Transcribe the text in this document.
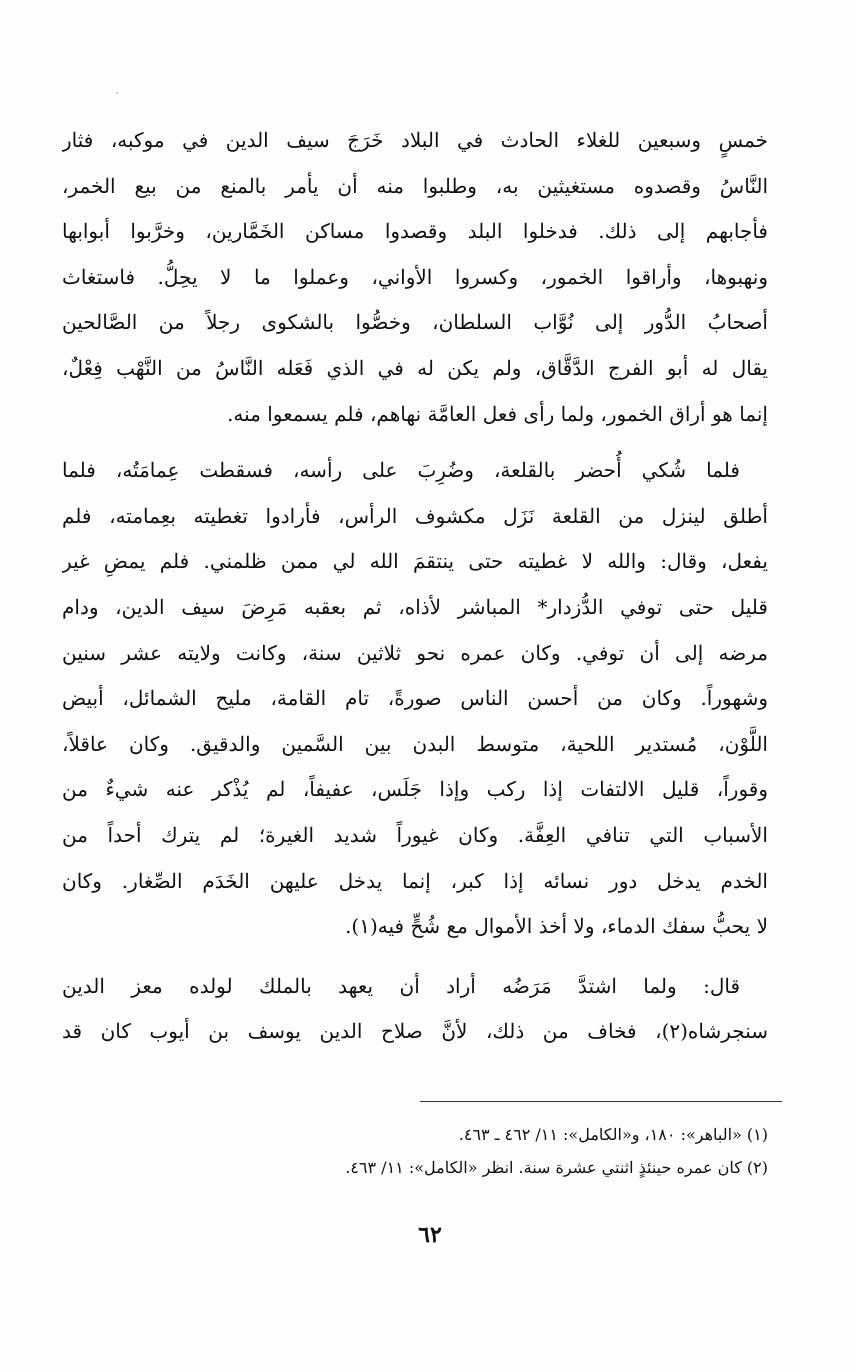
خمسٍ وسبعين للغلاء الحادث في البلاد خَرَجَ سيف الدين في موكبه، فثار
النَّاسُ وقصدوه مستغيثين به، وطلبوا منه أن يأمر بالمنع من بيع الخمر،
فأجابهم إلى ذلك. فدخلوا البلد وقصدوا مساكن الخَمَّارين، وخرَّبوا أبوابها
ونهبوها، وأراقوا الخمور، وكسروا الأواني، وعملوا ما لا يحِلُّ. فاستغاث
أصحابُ الدُّور إلى نُوَّاب السلطان، وخصُّوا بالشكوى رجلاً من الصَّالحين
يقال له أبو الفرج الدَّقَّاق، ولم يكن له في الذي فَعَله النَّاسُ من النَّهْب فِعْلٌ،
إنما هو أراق الخمور، ولما رأى فعل العامَّة نهاهم، فلم يسمعوا منه.
فلما شُكي أُحضر بالقلعة، وضُرِبَ على رأسه، فسقطت عِمامَتُه، فلما
أطلق لينزل من القلعة نَزَل مكشوف الرأس، فأرادوا تغطيته بعِمامته، فلم
يفعل، وقال: والله لا غطيته حتى ينتقمَ الله لي ممن ظلمني. فلم يمضِ غير
قليل حتى توفي الدُّزدار* المباشر لأذاه، ثم بعقبه مَرِضَ سيف الدين، ودام
مرضه إلى أن توفي. وكان عمره نحو ثلاثين سنة، وكانت ولايته عشر سنين
وشهوراً. وكان من أحسن الناس صورةً، تام القامة، مليح الشمائل، أبيض
اللَّوْن، مُستدير اللحية، متوسط البدن بين السَّمين والدقيق. وكان عاقلاً،
وقوراً، قليل الالتفات إذا ركب وإذا جَلَس، عفيفاً، لم يُذْكر عنه شيءٌ من
الأسباب التي تنافي العِفَّة. وكان غيوراً شديد الغيرة؛ لم يترك أحداً من
الخدم يدخل دور نسائه إذا كبر، إنما يدخل عليهن الخَدَم الصِّغار. وكان
لا يحبُّ سفك الدماء، ولا أخذ الأموال مع شُحٍّ فيه(١).
قال: ولما اشتدَّ مَرَضُه أراد أن يعهد بالملك لولده معز الدين
سنجرشاه(٢)، فخاف من ذلك، لأنَّ صلاح الدين يوسف بن أيوب كان قد
(١) «الباهر»: ١٨٠، و«الكامل»: ١١/ ٤٦٢ ـ ٤٦٣.
(٢) كان عمره حينئذٍ اثنتي عشرة سنة. انظر «الكامل»: ١١/ ٤٦٣.
٦٢
